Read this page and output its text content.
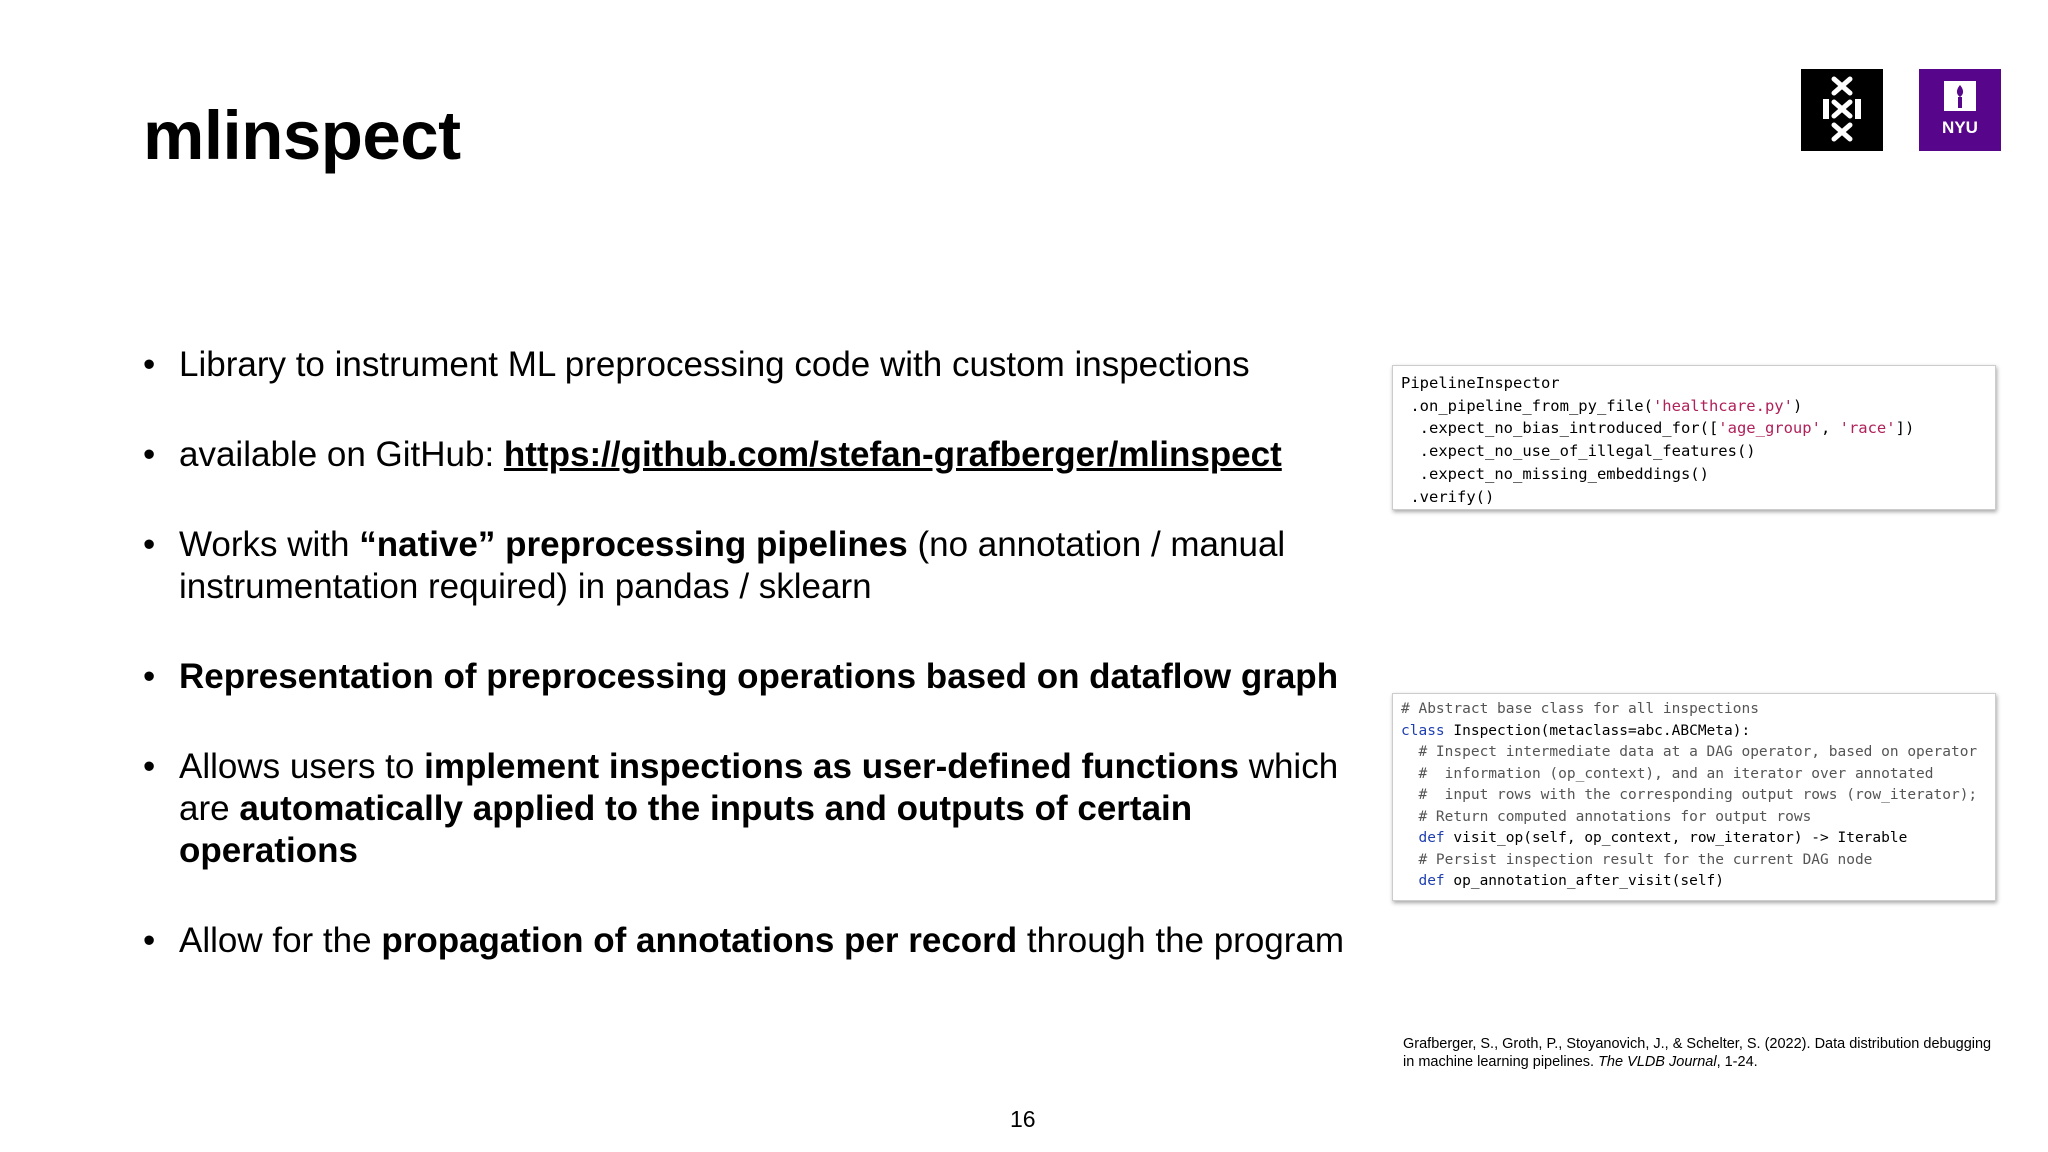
mlinspect	NYU
• Library to instrument ML preprocessing code with custom inspections
• available on GitHub: https://github.com/stefan-grafberger/mlinspect
• Works with “native” preprocessing pipelines (no annotation / manual instrumentation required) in pandas / sklearn
• Representation of preprocessing operations based on dataflow graph
• Allows users to implement inspections as user-defined functions which are automatically applied to the inputs and outputs of certain operations
• Allow for the propagation of annotations per record through the program
PipelineInspector
.on_pipeline_from_py_file('healthcare.py')
.expect_no_bias_introduced_for(['age_group', 'race'])
.expect_no_use_of_illegal_features()
.expect_no_missing_embeddings()
.verify()
# Abstract base class for all inspections
class Inspection(metaclass=abc.ABCMeta):
# Inspect intermediate data at a DAG operator, based on operator
#  information (op_context), and an iterator over annotated
#  input rows with the corresponding output rows (row_iterator);
# Return computed annotations for output rows
def visit_op(self, op_context, row_iterator) -> Iterable
# Persist inspection result for the current DAG node
def op_annotation_after_visit(self)
Grafberger, S., Groth, P., Stoyanovich, J., & Schelter, S. (2022). Data distribution debugging in machine learning pipelines. The VLDB Journal, 1-24.
16
